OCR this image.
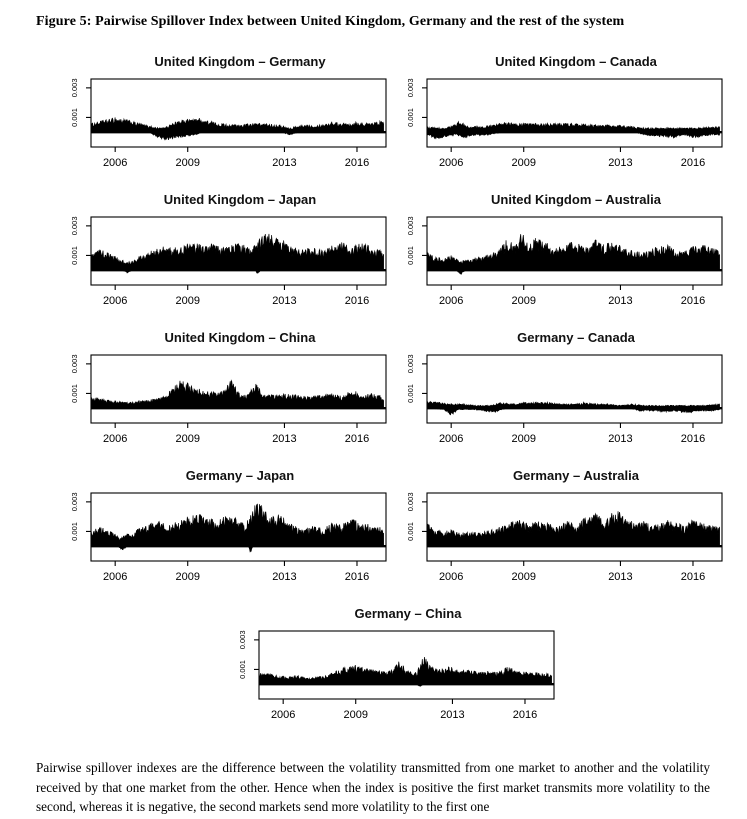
Figure 5: Pairwise Spillover Index between United Kingdom, Germany and the rest of the system
United Kingdom – Germany
0.001
0.003
2006	2009	2013	2016
United Kingdom – Canada
0.001
0.003
2006	2009	2013	2016
United Kingdom – Japan
0.001
0.003
2006	2009	2013	2016
United Kingdom – Australia
0.001
0.003
2006	2009	2013	2016
United Kingdom – China
0.001
0.003
2006	2009	2013	2016
Germany – Canada
0.001
0.003
2006	2009	2013	2016
Germany – Japan
0.001
0.003
2006	2009	2013	2016
Germany – Australia
0.001
0.003
2006	2009	2013	2016
Germany – China
0.001
0.003
2006	2009	2013	2016

Pairwise spillover indexes are the difference between the volatility transmitted from one market to another and the volatility received by that one market from the other. Hence when the index is positive the first market transmits more volatility to the second, whereas it is negative, the second markets send more volatility to the first one
